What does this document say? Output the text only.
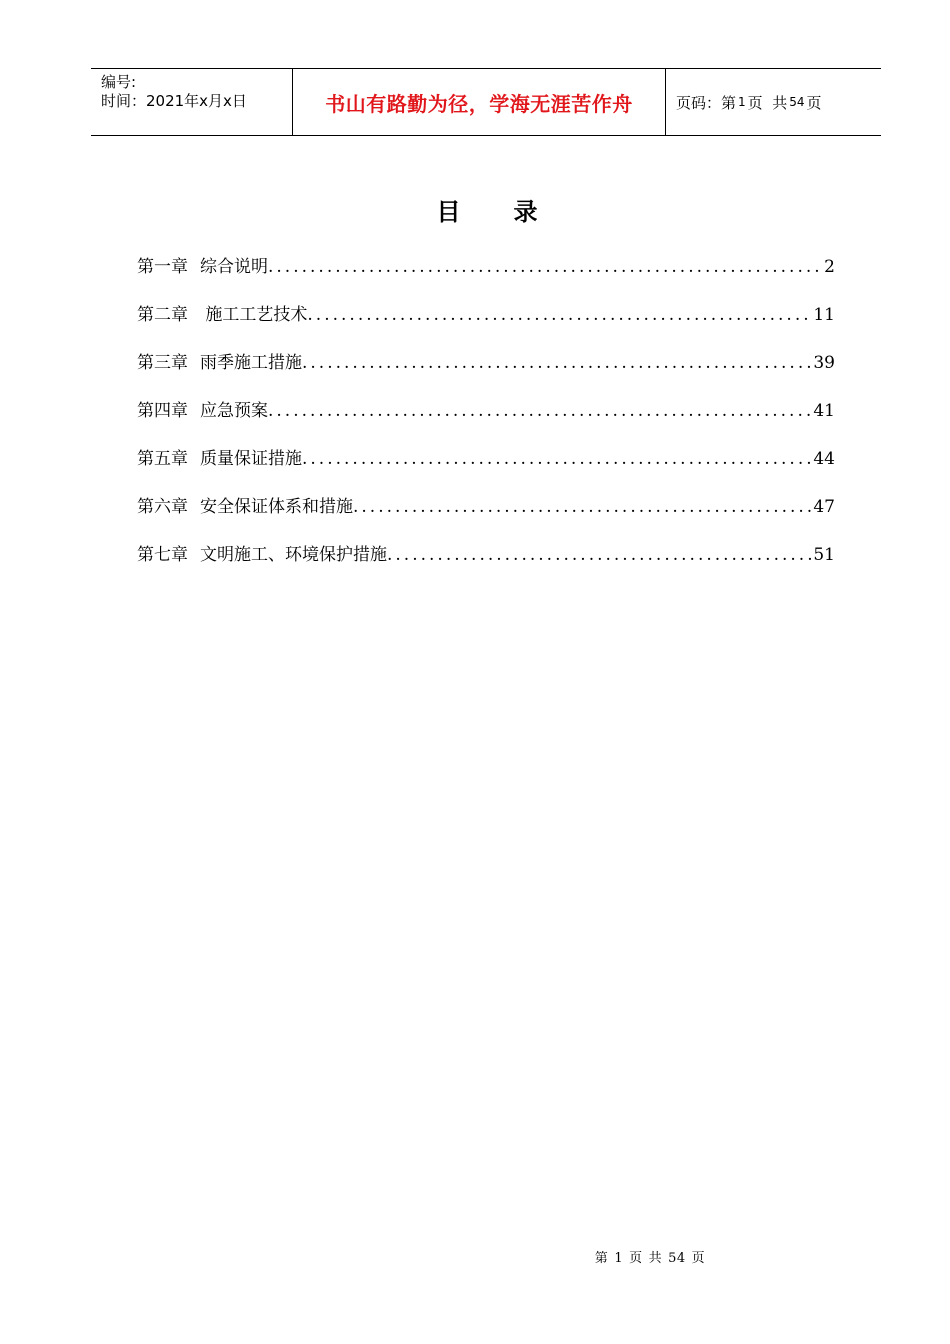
编号:
时间：2021年x月x日	书山有路勤为径，学海无涯苦作舟	页码：第 1 页  共 54 页
目 录
第一章 综合说明 .....	2
第二章 施工工艺技术 .....	11
第三章 雨季施工措施 .....	39
第四章 应急预案 .....	41
第五章 质量保证措施 .....	44
第六章 安全保证体系和措施 .....	47
第七章 文明施工、环境保护措施 .....	51
第 1 页 共 54 页
